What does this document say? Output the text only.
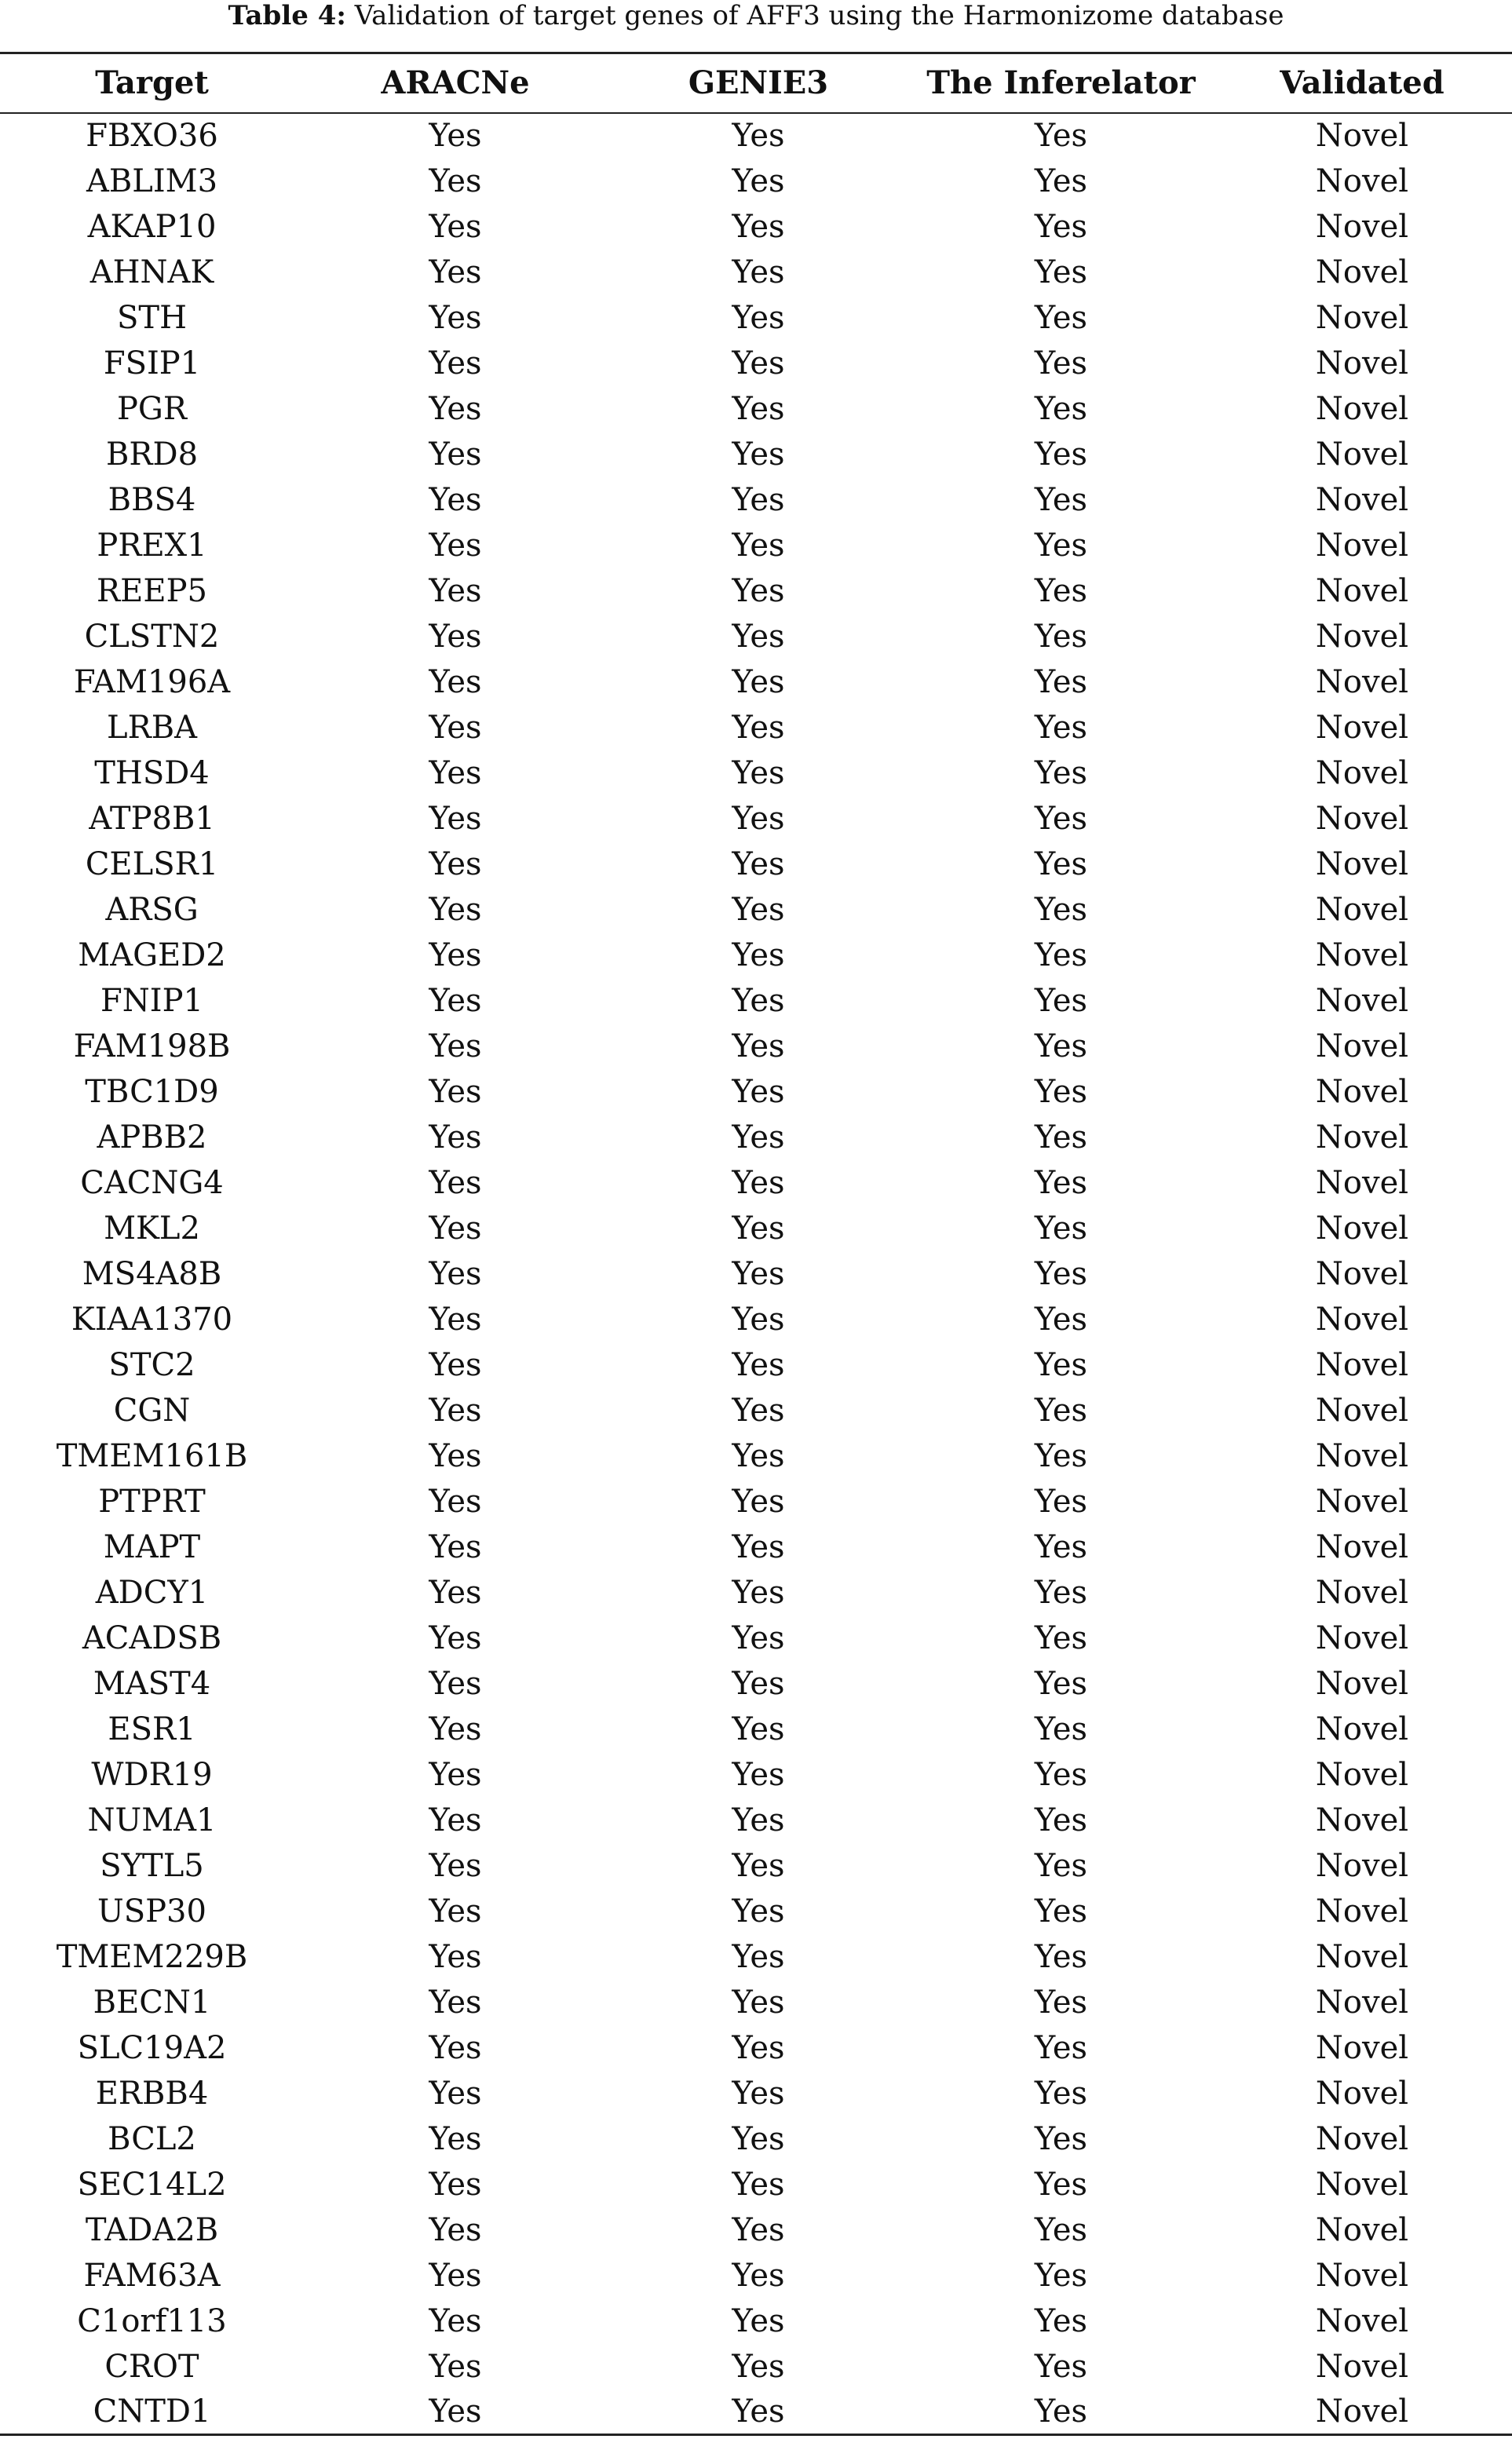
Table 4: Validation of target genes of AFF3 using the Harmonizome database
Target	ARACNe	GENIE3	The Inferelator	Validated
FBXO36	Yes	Yes	Yes	Novel
ABLIM3	Yes	Yes	Yes	Novel
AKAP10	Yes	Yes	Yes	Novel
AHNAK	Yes	Yes	Yes	Novel
STH	Yes	Yes	Yes	Novel
FSIP1	Yes	Yes	Yes	Novel
PGR	Yes	Yes	Yes	Novel
BRD8	Yes	Yes	Yes	Novel
BBS4	Yes	Yes	Yes	Novel
PREX1	Yes	Yes	Yes	Novel
REEP5	Yes	Yes	Yes	Novel
CLSTN2	Yes	Yes	Yes	Novel
FAM196A	Yes	Yes	Yes	Novel
LRBA	Yes	Yes	Yes	Novel
THSD4	Yes	Yes	Yes	Novel
ATP8B1	Yes	Yes	Yes	Novel
CELSR1	Yes	Yes	Yes	Novel
ARSG	Yes	Yes	Yes	Novel
MAGED2	Yes	Yes	Yes	Novel
FNIP1	Yes	Yes	Yes	Novel
FAM198B	Yes	Yes	Yes	Novel
TBC1D9	Yes	Yes	Yes	Novel
APBB2	Yes	Yes	Yes	Novel
CACNG4	Yes	Yes	Yes	Novel
MKL2	Yes	Yes	Yes	Novel
MS4A8B	Yes	Yes	Yes	Novel
KIAA1370	Yes	Yes	Yes	Novel
STC2	Yes	Yes	Yes	Novel
CGN	Yes	Yes	Yes	Novel
TMEM161B	Yes	Yes	Yes	Novel
PTPRT	Yes	Yes	Yes	Novel
MAPT	Yes	Yes	Yes	Novel
ADCY1	Yes	Yes	Yes	Novel
ACADSB	Yes	Yes	Yes	Novel
MAST4	Yes	Yes	Yes	Novel
ESR1	Yes	Yes	Yes	Novel
WDR19	Yes	Yes	Yes	Novel
NUMA1	Yes	Yes	Yes	Novel
SYTL5	Yes	Yes	Yes	Novel
USP30	Yes	Yes	Yes	Novel
TMEM229B	Yes	Yes	Yes	Novel
BECN1	Yes	Yes	Yes	Novel
SLC19A2	Yes	Yes	Yes	Novel
ERBB4	Yes	Yes	Yes	Novel
BCL2	Yes	Yes	Yes	Novel
SEC14L2	Yes	Yes	Yes	Novel
TADA2B	Yes	Yes	Yes	Novel
FAM63A	Yes	Yes	Yes	Novel
C1orf113	Yes	Yes	Yes	Novel
CROT	Yes	Yes	Yes	Novel
CNTD1	Yes	Yes	Yes	Novel
